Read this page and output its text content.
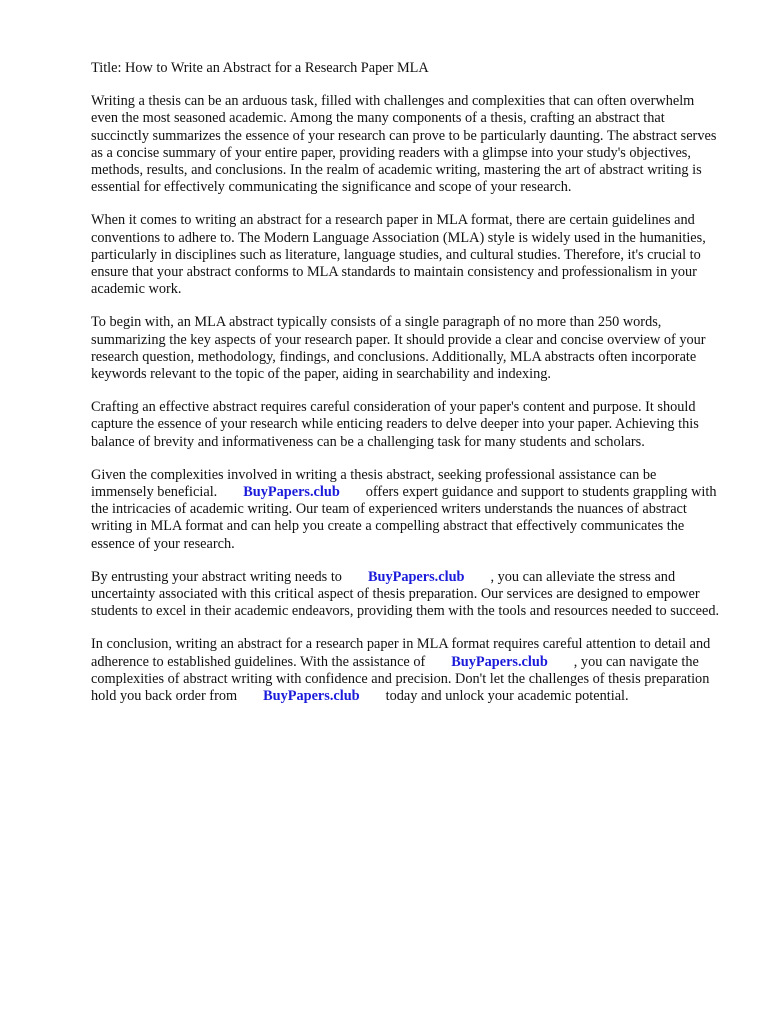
Title: How to Write an Abstract for a Research Paper MLA

Writing a thesis can be an arduous task, filled with challenges and complexities that can often overwhelm even the most seasoned academic. Among the many components of a thesis, crafting an abstract that succinctly summarizes the essence of your research can prove to be particularly daunting. The abstract serves as a concise summary of your entire paper, providing readers with a glimpse into your study's objectives, methods, results, and conclusions. In the realm of academic writing, mastering the art of abstract writing is essential for effectively communicating the significance and scope of your research.

When it comes to writing an abstract for a research paper in MLA format, there are certain guidelines and conventions to adhere to. The Modern Language Association (MLA) style is widely used in the humanities, particularly in disciplines such as literature, language studies, and cultural studies. Therefore, it's crucial to ensure that your abstract conforms to MLA standards to maintain consistency and professionalism in your academic work.

To begin with, an MLA abstract typically consists of a single paragraph of no more than 250 words, summarizing the key aspects of your research paper. It should provide a clear and concise overview of your research question, methodology, findings, and conclusions. Additionally, MLA abstracts often incorporate keywords relevant to the topic of the paper, aiding in searchability and indexing.

Crafting an effective abstract requires careful consideration of your paper's content and purpose. It should capture the essence of your research while enticing readers to delve deeper into your paper. Achieving this balance of brevity and informativeness can be a challenging task for many students and scholars.

Given the complexities involved in writing a thesis abstract, seeking professional assistance can be immensely beneficial. BuyPapers.club offers expert guidance and support to students grappling with the intricacies of academic writing. Our team of experienced writers understands the nuances of abstract writing in MLA format and can help you create a compelling abstract that effectively communicates the essence of your research.

By entrusting your abstract writing needs to BuyPapers.club , you can alleviate the stress and uncertainty associated with this critical aspect of thesis preparation. Our services are designed to empower students to excel in their academic endeavors, providing them with the tools and resources needed to succeed.

In conclusion, writing an abstract for a research paper in MLA format requires careful attention to detail and adherence to established guidelines. With the assistance of BuyPapers.club , you can navigate the complexities of abstract writing with confidence and precision. Don't let the challenges of thesis preparation hold you back order from BuyPapers.club today and unlock your academic potential.
